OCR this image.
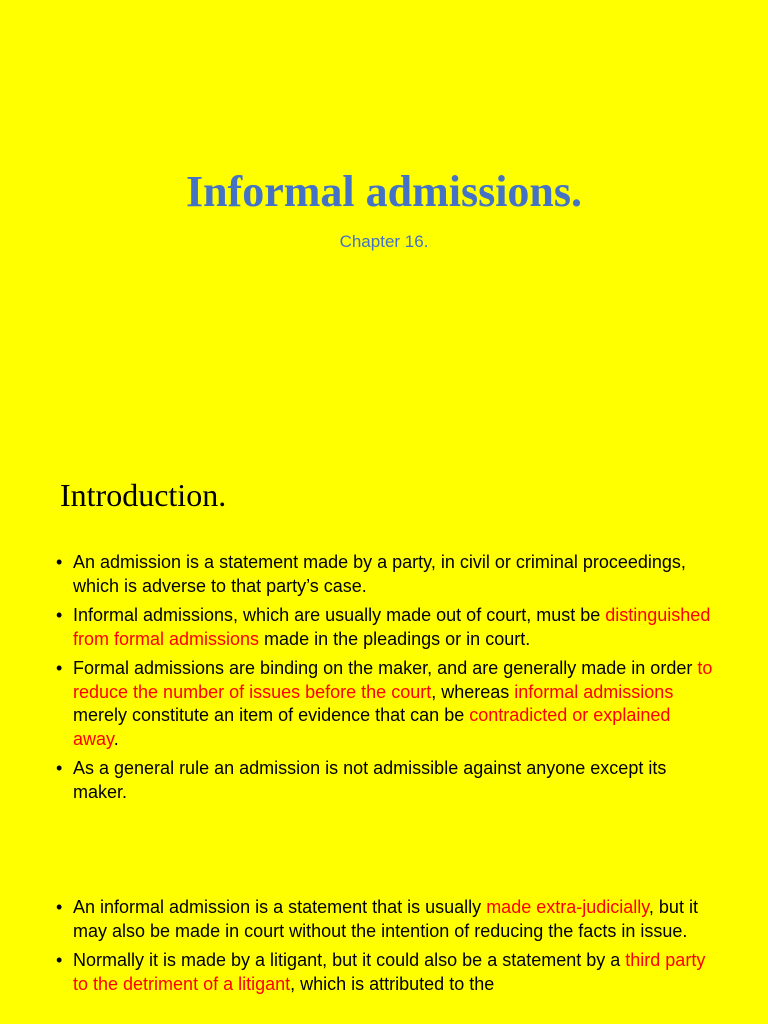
Informal admissions.
Chapter 16.
Introduction.
• An admission is a statement made by a party, in civil or criminal proceedings, which is adverse to that party’s case.
• Informal admissions, which are usually made out of court, must be distinguished from formal admissions made in the pleadings or in court.
• Formal admissions are binding on the maker, and are generally made in order to reduce the number of issues before the court, whereas informal admissions merely constitute an item of evidence that can be contradicted or explained away.
• As a general rule an admission is not admissible against anyone except its maker.
• An informal admission is a statement that is usually made extra-judicially, but it may also be made in court without the intention of reducing the facts in issue.
• Normally it is made by a litigant, but it could also be a statement by a third party to the detriment of a litigant, which is attributed to the
